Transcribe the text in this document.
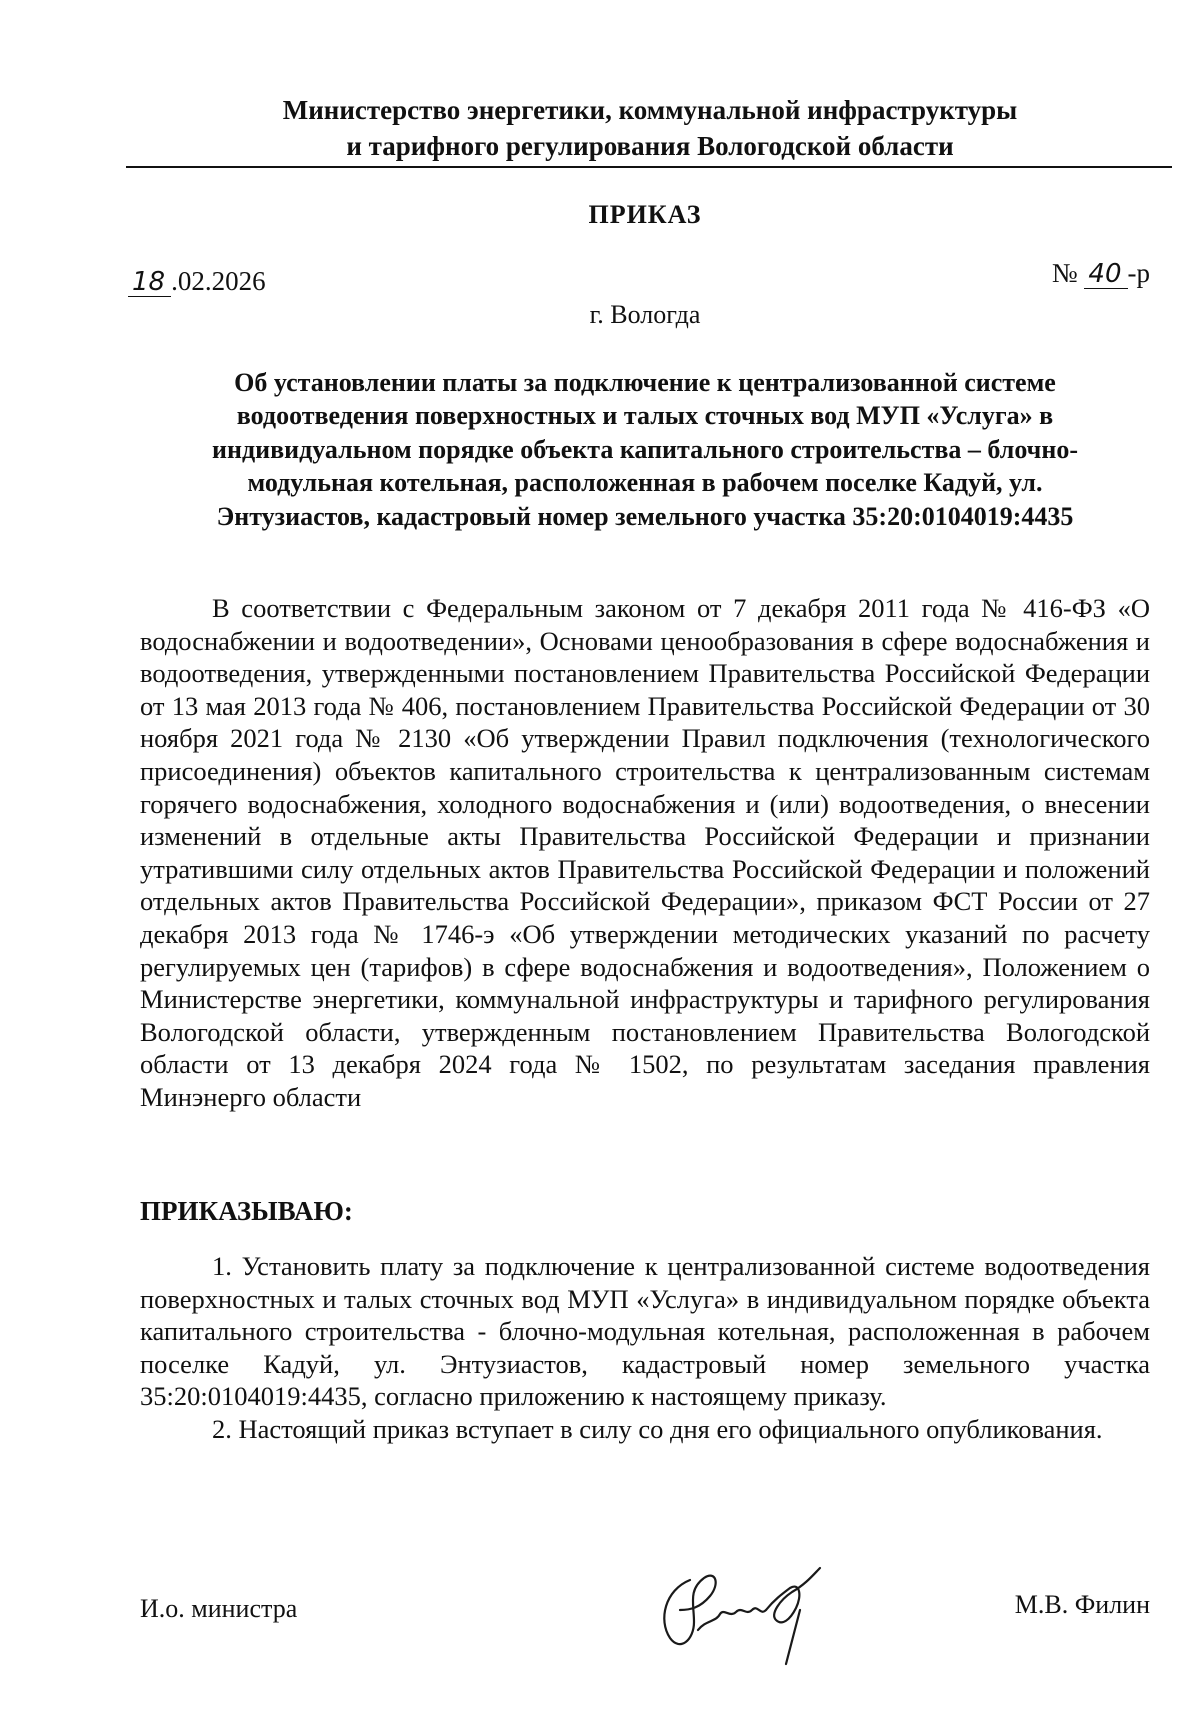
Министерство энергетики, коммунальной инфраструктуры
и тарифного регулирования Вологодской области
ПРИКАЗ
18 .02.2026	№ 40 -р
г. Вологда
Об установлении платы за подключение к централизованной системе водоотведения поверхностных и талых сточных вод МУП «Услуга» в индивидуальном порядке объекта капитального строительства – блочно-модульная котельная, расположенная в рабочем поселке Кадуй, ул. Энтузиастов, кадастровый номер земельного участка 35:20:0104019:4435

В соответствии с Федеральным законом от 7 декабря 2011 года № 416-ФЗ «О водоснабжении и водоотведении», Основами ценообразования в сфере водоснабжения и водоотведения, утвержденными постановлением Правительства Российской Федерации от 13 мая 2013 года № 406, постановлением Правительства Российской Федерации от 30 ноября 2021 года № 2130 «Об утверждении Правил подключения (технологического присоединения) объектов капитального строительства к централизованным системам горячего водоснабжения, холодного водоснабжения и (или) водоотведения, о внесении изменений в отдельные акты Правительства Российской Федерации и признании утратившими силу отдельных актов Правительства Российской Федерации и положений отдельных актов Правительства Российской Федерации», приказом ФСТ России от 27 декабря 2013 года № 1746-э «Об утверждении методических указаний по расчету регулируемых цен (тарифов) в сфере водоснабжения и водоотведения», Положением о Министерстве энергетики, коммунальной инфраструктуры и тарифного регулирования Вологодской области, утвержденным постановлением Правительства Вологодской области от 13 декабря 2024 года № 1502, по результатам заседания правления Минэнерго области

ПРИКАЗЫВАЮ:

1. Установить плату за подключение к централизованной системе водоотведения поверхностных и талых сточных вод МУП «Услуга» в индивидуальном порядке объекта капитального строительства - блочно-модульная котельная, расположенная в рабочем поселке Кадуй, ул. Энтузиастов, кадастровый номер земельного участка 35:20:0104019:4435, согласно приложению к настоящему приказу.

2. Настоящий приказ вступает в силу со дня его официального опубликования.

И.о. министра	М.В. Филин
